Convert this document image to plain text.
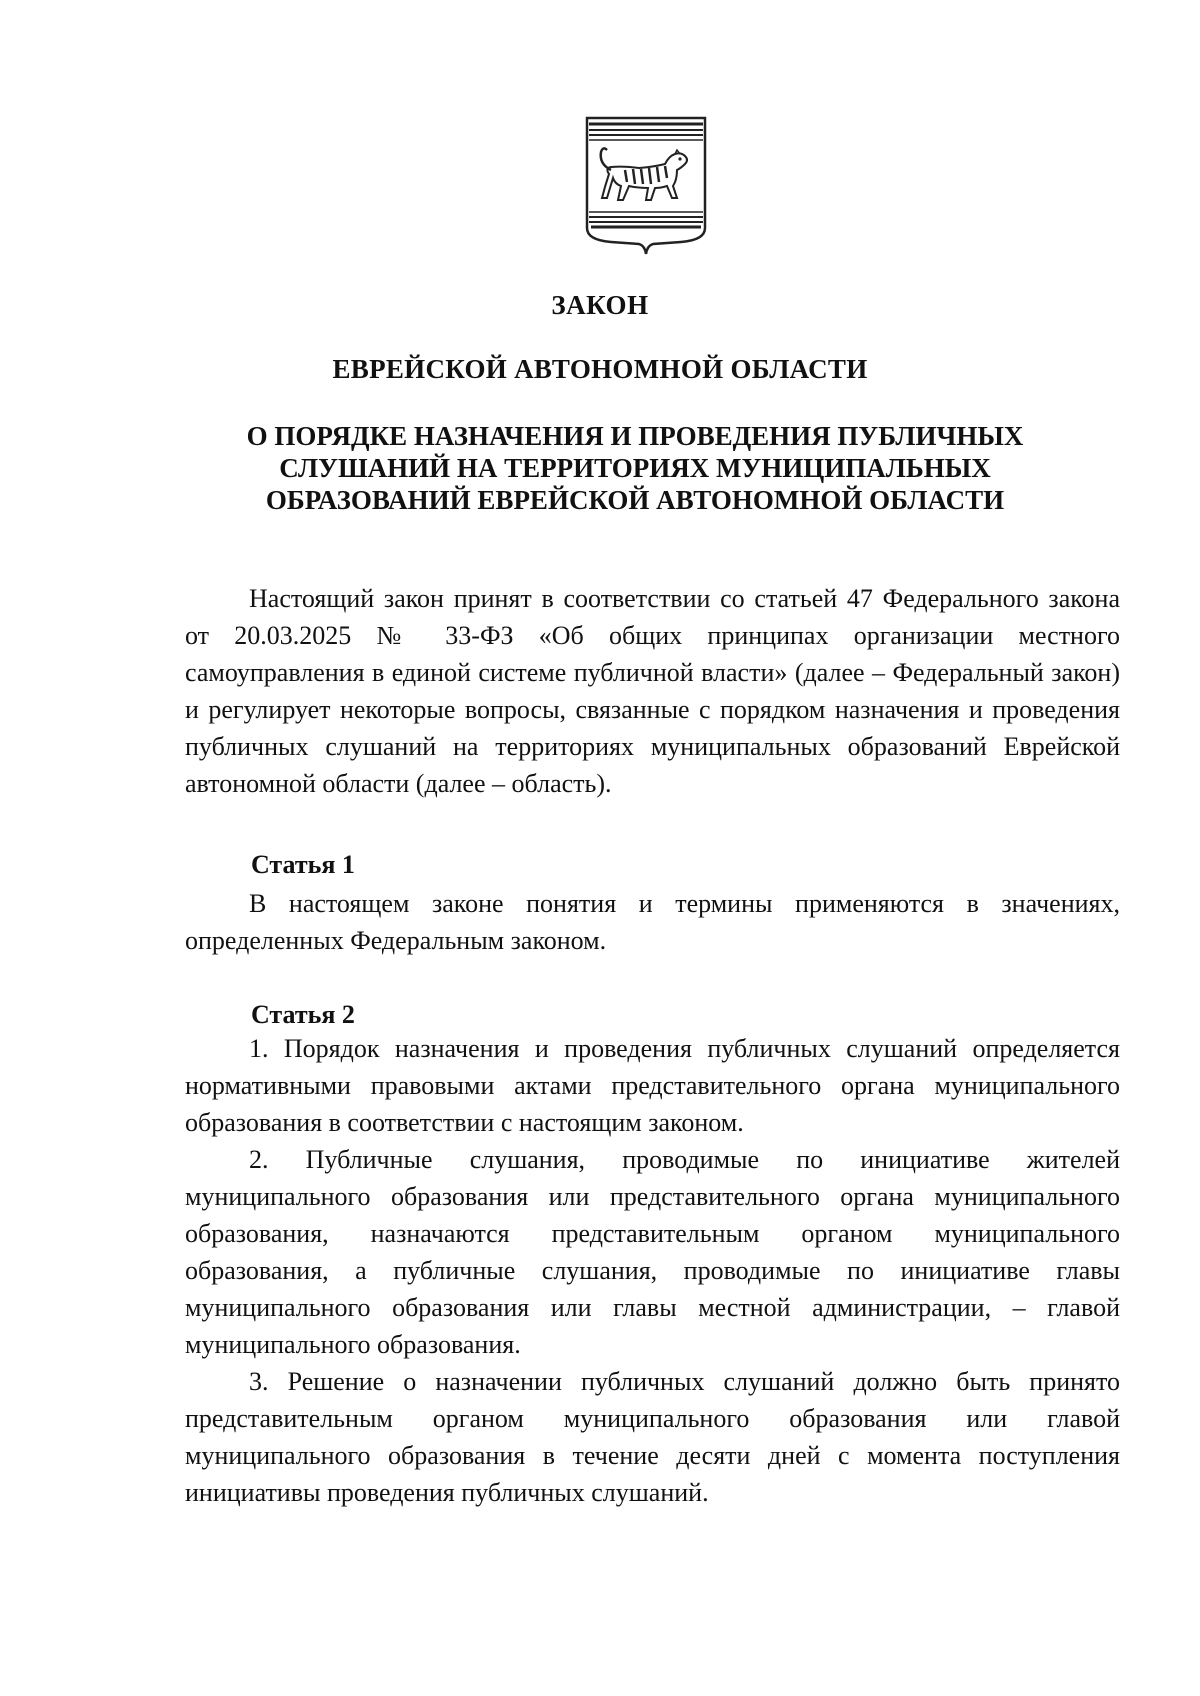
ЗАКОН
ЕВРЕЙСКОЙ АВТОНОМНОЙ ОБЛАСТИ
О ПОРЯДКЕ НАЗНАЧЕНИЯ И ПРОВЕДЕНИЯ ПУБЛИЧНЫХ
СЛУШАНИЙ НА ТЕРРИТОРИЯХ МУНИЦИПАЛЬНЫХ
ОБРАЗОВАНИЙ ЕВРЕЙСКОЙ АВТОНОМНОЙ ОБЛАСТИ

Настоящий закон принят в соответствии со статьей 47 Федерального закона от 20.03.2025 № 33-ФЗ «Об общих принципах организации местного самоуправления в единой системе публичной власти» (далее – Федеральный закон) и регулирует некоторые вопросы, связанные с порядком назначения и проведения публичных слушаний на территориях муниципальных образований Еврейской автономной области (далее – область).

Статья 1

В настоящем законе понятия и термины применяются в значениях, определенных Федеральным законом.

Статья 2

1. Порядок назначения и проведения публичных слушаний определяется нормативными правовыми актами представительного органа муниципального образования в соответствии с настоящим законом.

2. Публичные слушания, проводимые по инициативе жителей муниципального образования или представительного органа муниципального образования, назначаются представительным органом муниципального образования, а публичные слушания, проводимые по инициативе главы муниципального образования или главы местной администрации, – главой муниципального образования.

3. Решение о назначении публичных слушаний должно быть принято представительным органом муниципального образования или главой муниципального образования в течение десяти дней с момента поступления инициативы проведения публичных слушаний.
